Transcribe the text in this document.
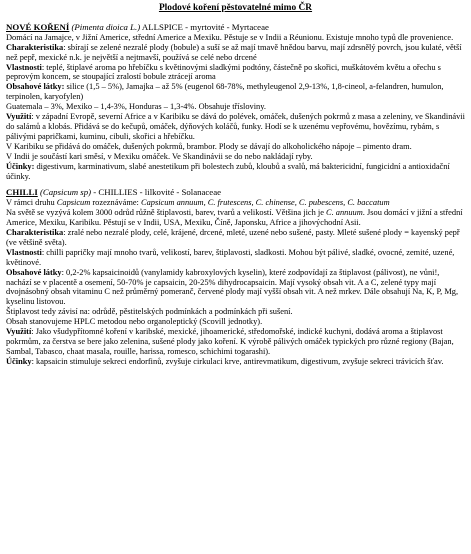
Plodové koření pěstovatelné mimo ČR

NOVÉ KOŘENÍ (Pimenta dioica L.) ALLSPICE - myrtovité - Myrtaceae

Domácí na Jamajce, v Jižní Americe, střední Americe a Mexiku. Pěstuje se v Indii a Réunionu. Existuje mnoho typů dle provenience.

Charakteristika: sbírají se zelené nezralé plody (bobule) a suší se až mají tmavě hnědou barvu, mají zdrsnělý povrch, jsou kulaté, větší než pepř, mexické n.k. je největší a nejtmavší, používá se celé nebo drcené

Vlastnosti: teplé, štiplavé aroma po hřebíčku s květinovými sladkými podtóny, částečně po skořici, muškátovém květu a ořechu s peprovým koncem, se stoupající zralostí bobule ztrácejí aroma

Obsahové látky: silice (1,5 – 5%), Jamajka – až 5% (eugenol 68-78%, methyleugenol 2,9-13%, 1,8-cineol, a-felandren, humulon, terpinolen, karyofylen)

Guatemala – 3%, Mexiko – 1,4-3%, Honduras – 1,3-4%. Obsahuje třísloviny.

Využití: v západní Evropě, severní Africe a v Karibiku se dává do polévek, omáček, dušených pokrmů z masa a zeleniny, ve Skandinávii do salámů a klobás. Přidává se do kečupů, omáček, dýňových koláčů, funky. Hodí se k uzenému vepřovému, hovězímu, rybám, s pálivými papričkami, kuminu, cibuli, skořici a hřebíčku.

V Karibiku se přidává do omáček, dušených pokrmů, brambor. Plody se dávají do alkoholického nápoje – pimento dram.

V Indii je součástí kari směsí, v Mexiku omáček. Ve Skandinávii se do nebo nakládají ryby.

Účinky: digestivum, karminativum, slabé anestetikum při bolestech zubů, kloubů a svalů, má baktericidní, fungicidní a antioxidační účinky.

CHILLI (Capsicum sp) - CHILLIES - lilkovité - Solanaceae

V rámci druhu Capsicum rozeznáváme: Capsicum annuum, C. frutescens, C. chinense, C. pubescens, C. baccatum

Na světě se vyzývá kolem 3000 odrůd růžně štiplavosti, barev, tvarů a velikostí. Většina jich je C. annuum. Jsou domácí v jižní a střední Americe, Mexiku, Karibiku. Pěstují se v Indii, USA, Mexiku, Číně, Japonsku, Africe a jihovýchodní Asii.

Charakteristika: zralé nebo nezralé plody, celé, krájené, drcené, mleté, uzené nebo sušené, pasty. Mleté sušené plody = kayenský pepř (ve většině světa).

Vlastnosti: chilli papričky mají mnoho tvarů, velikostí, barev, štiplavosti, sladkosti. Mohou být pálivé, sladké, ovocné, zemité, uzené, květinové.

Obsahové látky: 0,2-2% kapsaicinoidů (vanylamidy kabroxylových kyselin), které zodpovídají za štiplavost (pálivost), ne vůni!, nachází se v placentě a osemení, 50-70% je capsaicin, 20-25% dihydrocapsaicin. Mají vysoký obsah vit. A a C, zelené typy mají dvojnásobný obsah vitaminu C než průměrný pomeranč, červené plody mají vyšší obsah vit. A než mrkev. Dále obsahují Na, K, P, Mg, kyselinu listovou.

Štiplavost tedy závisí na: odrůdě, pěstitelských podmínkách a podmínkách při sušení.

Obsah stanovujeme HPLC metodou nebo organoleptický (Scovill jednotky).

Využití: Jako všudypřítomné koření v karibské, mexické, jihoamerické, středomořské, indické kuchyni, dodává aroma a štiplavost pokrmům, za čerstva se bere jako zelenina, sušené plody jako koření. K výrobě pálivých omáček typických pro různé regiony (Bajan, Sambal, Tabasco, chaat masala, rouille, harissa, romesco, schichimi togarashi).

Účinky: kapsaicin stimuluje sekreci endorfinů, zvyšuje cirkulaci krve, antirevmatikum, digestivum, zvyšuje sekreci trávicích šťav.
